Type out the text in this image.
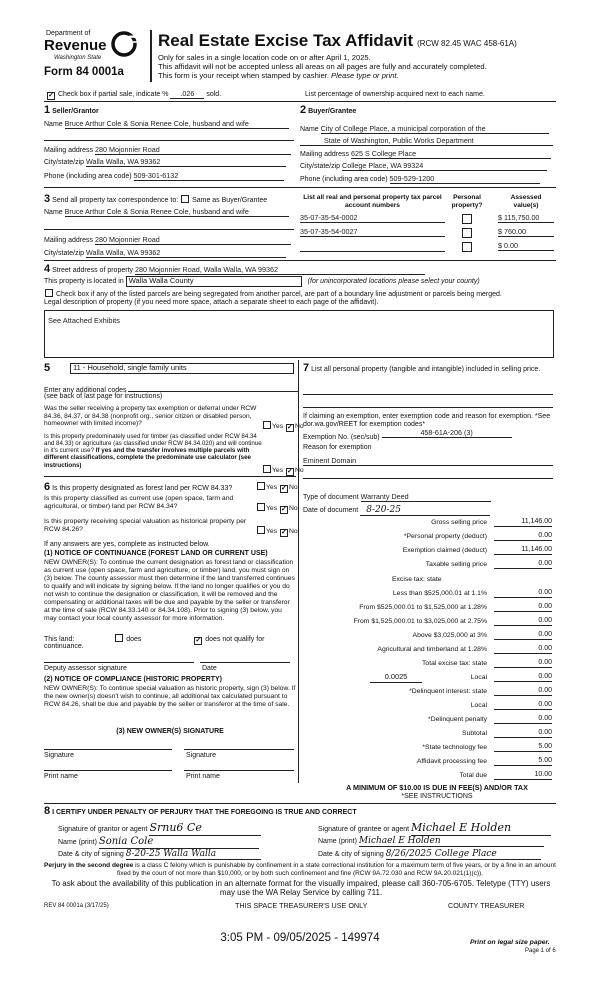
Department of
Revenue
Washington State
Form 84 0001a
Real Estate Excise Tax Affidavit (RCW 82.45 WAC 458-61A)
Only for sales in a single location code on or after April 1, 2025.
This affidavit will not be accepted unless all areas on all pages are fully and accurately completed.
This form is your receipt when stamped by cashier. Please type or print.
✓ Check box if partial sale, indicate % .026 sold.	List percentage of ownership acquired next to each name.
1 Seller/Grantor
Name Bruce Arthur Cole & Sonia Renee Cole, husband and wife
Mailing address 280 Mojonnier Road
City/state/zip Walla Walla, WA 99362
Phone (including area code) 509-301-6132
2 Buyer/Grantee
Name City of College Place, a municipal corporation of the
State of Washington, Public Works Department
Mailing address 625 S College Place
City/state/zip College Place, WA 99324
Phone (including area code) 509-529-1200
3 Send all property tax correspondence to: Same as Buyer/Grantee
Name Bruce Arthur Cole & Sonia Renee Cole, husband and wife
Mailing address 280 Mojonnier Road
City/state/zip Walla Walla, WA 99362
List all real and personal property tax parcel account numbers
Personal property?
Assessed value(s)
35-07-35-54-0002	$ 115,750.00
35-07-35-54-0027	$ 760.00
$ 0.00
4 Street address of property 280 Mojonnier Road, Walla Walla, WA 99362
This property is located in Walla Walla County	(for unincorporated locations please select your county)
Check box if any of the listed parcels are being segregated from another parcel, are part of a boundary line adjustment or parcels being merged.
Legal description of property (if you need more space, attach a separate sheet to each page of the affidavit).
See Attached Exhibits
5	11 - Household, single family units
Enter any additional codes
(see back of last page for instructions)
Was the seller receiving a property tax exemption or deferral under RCW 84.36, 84.37, or 84.38 (nonprofit org., senior citizen or disabled person, homeowner with limited income)?	Yes ✓ No
Is this property predominately used for timber (as classified under RCW 84.34 and 84.33) or agriculture (as classified under RCW 84.34.020) and will continue in it's current use? If yes and the transfer involves multiple parcels with different classifications, complete the predominate use calculator (see instructions)
Yes ✓ No
6 Is this property designated as forest land per RCW 84.33?	Yes ✓ No
Is this property classified as current use (open space, farm and agricultural, or timber) land per RCW 84.34?	Yes ✓ No
Is this property receiving special valuation as historical property per RCW 84.26?	Yes ✓ No
If any answers are yes, complete as instructed below.
(1) NOTICE OF CONTINUANCE (FOREST LAND OR CURRENT USE)
NEW OWNER(S): To continue the current designation as forest land or classification as current use (open space, farm and agriculture, or timber) land, you must sign on (3) below. The county assessor must then determine if the land transferred continues to qualify and will indicate by signing below. If the land no longer qualifies or you do not wish to continue the designation or classification, it will be removed and the compensating or additional taxes will be due and payable by the seller or transferor at the time of sale (RCW 84.33.140 or 84.34.108). Prior to signing (3) below, you may contact your local county assessor for more information.
This land:	does	✓ does not qualify for
continuance.
Deputy assessor signature	Date
(2) NOTICE OF COMPLIANCE (HISTORIC PROPERTY)
NEW OWNER(S): To continue special valuation as historic property, sign (3) below. If the new owner(s) doesn't wish to continue, all additional tax calculated pursuant to RCW 84.26, shall be due and payable by the seller or transferor at the time of sale.
(3) NEW OWNER(S) SIGNATURE
Signature	Signature
Print name	Print name
7 List all personal property (tangible and intangible) included in selling price.
If claiming an exemption, enter exemption code and reason for exemption. *See dor.wa.gov/REET for exemption codes*
Exemption No. (sec/sub) 458-61A-206 (3)
Reason for exemption
Eminent Domain
Type of document Warranty Deed
Date of document 8-20-25
Gross selling price	11,146.00
*Personal property (deduct)	0.00
Exemption claimed (deduct)	11,146.00
Taxable selling price	0.00
Excise tax: state
Less than $525,000.01 at 1.1%	0.00
From $525,000.01 to $1,525,000 at 1.28%	0.00
From $1,525,000.01 to $3,025,000 at 2.75%	0.00
Above $3,025,000 at 3%	0.00
Agricultural and timberland at 1.28%	0.00
Total excise tax: state	0.00
0.0025	Local	0.00
*Delinquent interest: state	0.00
Local	0.00
*Delinquent penalty	0.00
Subtotal	0.00
*State technology fee	5.00
Affidavit processing fee	5.00
Total due	10.00
A MINIMUM OF $10.00 IS DUE IN FEE(S) AND/OR TAX
*SEE INSTRUCTIONS
8 I CERTIFY UNDER PENALTY OF PERJURY THAT THE FOREGOING IS TRUE AND CORRECT
Signature of grantor or agent Srnu6 Ce
Name (print) Sonia Cole
Date & city of signing 8-20-25 Walla Walla
Signature of grantee or agent Michael E Holden
Name (print) Michael E Holden
Date & city of signing 8/26/2025 College Place
Perjury in the second degree is a class C felony which is punishable by confinement in a state correctional institution for a maximum term of five years, or by a fine in an amount fixed by the court of not more than $10,000, or by both such confinement and fine (RCW 9A.72.030 and RCW 9A.20.021(1)(c)).
To ask about the availability of this publication in an alternate format for the visually impaired, please call 360-705-6705. Teletype (TTY) users may use the WA Relay Service by calling 711.
REV 84 0001a (3/17/25)	THIS SPACE TREASURER'S USE ONLY	COUNTY TREASURER
3:05 PM - 09/05/2025 - 149974	Print on legal size paper.
Page 1 of 6
